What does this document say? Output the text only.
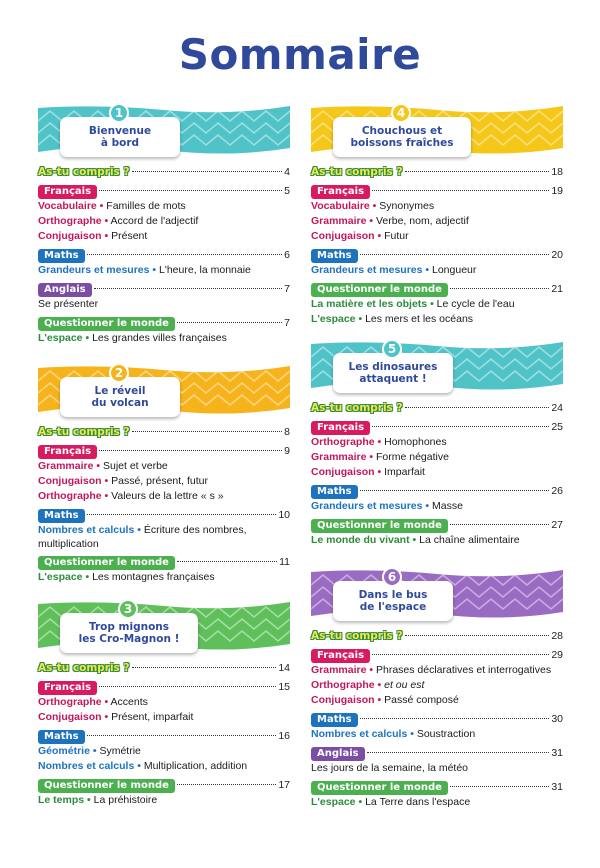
Sommaire
Bienvenue
à bord
1
As-tu compris ?	4
Français	5
Vocabulaire • Familles de mots
Orthographe • Accord de l'adjectif
Conjugaison • Présent
Maths	6
Grandeurs et mesures • L'heure, la monnaie
Anglais	7
Se présenter
Questionner le monde	7
L'espace • Les grandes villes françaises
Le réveil
du volcan
2
As-tu compris ?	8
Français	9
Grammaire • Sujet et verbe
Conjugaison • Passé, présent, futur
Orthographe • Valeurs de la lettre « s »
Maths	10
Nombres et calculs • Écriture des nombres, multiplication
Questionner le monde	11
L'espace • Les montagnes françaises
Trop mignons
les Cro-Magnon !
3
As-tu compris ?	14
Français	15
Orthographe • Accents
Conjugaison • Présent, imparfait
Maths	16
Géométrie • Symétrie
Nombres et calculs • Multiplication, addition
Questionner le monde	17
Le temps • La préhistoire
Chouchous et
boissons fraîches
4
As-tu compris ?	18
Français	19
Vocabulaire • Synonymes
Grammaire • Verbe, nom, adjectif
Conjugaison • Futur
Maths	20
Grandeurs et mesures • Longueur
Questionner le monde	21
La matière et les objets • Le cycle de l'eau
L'espace • Les mers et les océans
Les dinosaures
attaquent !
5
As-tu compris ?	24
Français	25
Orthographe • Homophones
Grammaire • Forme négative
Conjugaison • Imparfait
Maths	26
Grandeurs et mesures • Masse
Questionner le monde	27
Le monde du vivant • La chaîne alimentaire
Dans le bus
de l'espace
6
As-tu compris ?	28
Français	29
Grammaire • Phrases déclaratives et interrogatives
Orthographe • et ou est
Conjugaison • Passé composé
Maths	30
Nombres et calculs • Soustraction
Anglais	31
Les jours de la semaine, la météo
Questionner le monde	31
L'espace • La Terre dans l'espace
